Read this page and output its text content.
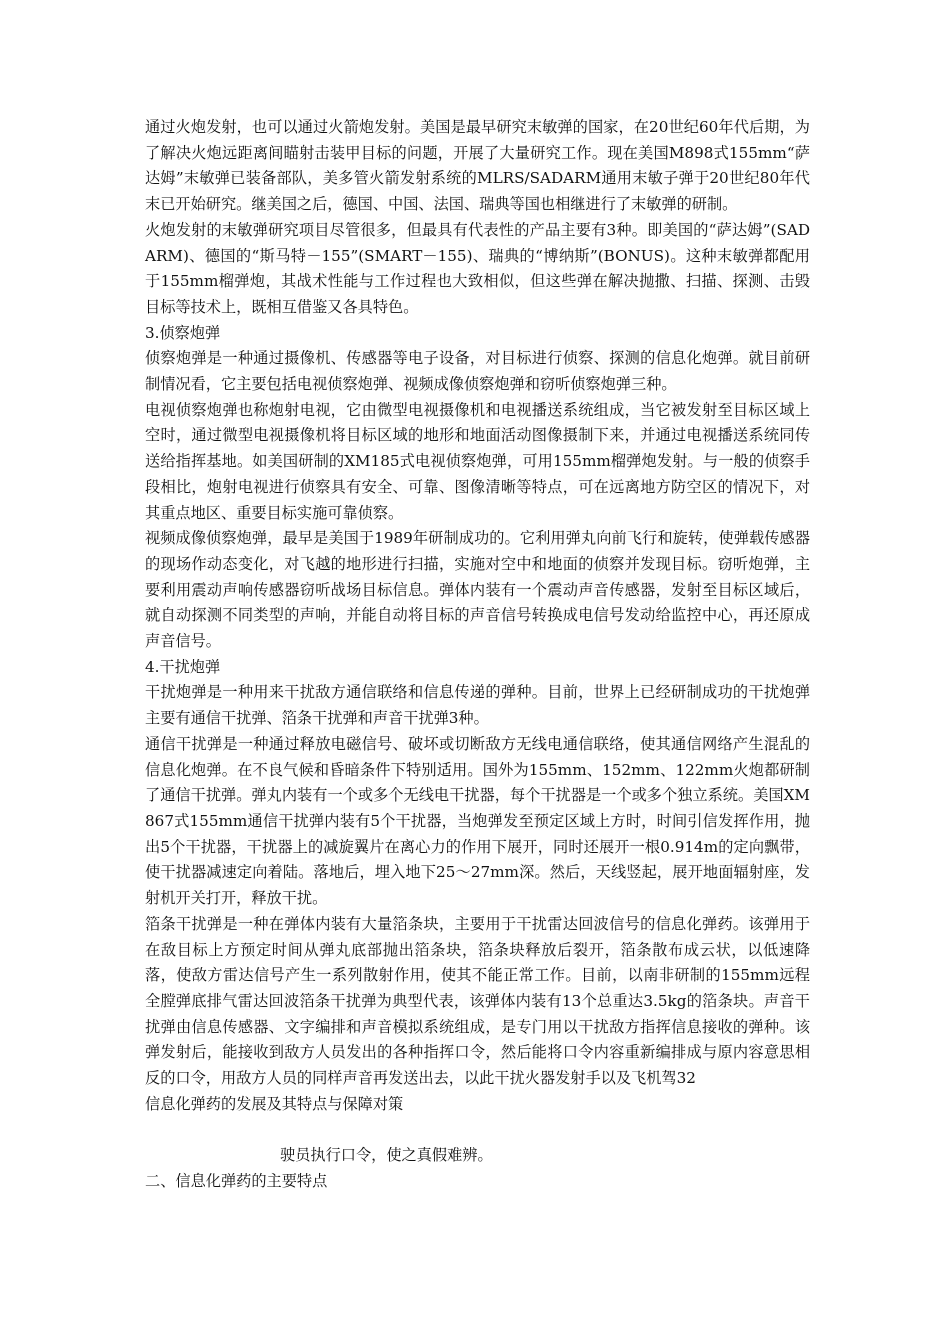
通过火炮发射，也可以通过火箭炮发射。美国是最早研究末敏弹的国家，在20世纪60年代后期，为了解决火炮远距离间瞄射击装甲目标的问题，开展了大量研究工作。现在美国M898式155mm“萨达姆”末敏弹已装备部队，美多管火箭发射系统的MLRS/SADARM通用末敏子弹于20世纪80年代末已开始研究。继美国之后，德国、中国、法国、瑞典等国也相继进行了末敏弹的研制。

火炮发射的末敏弹研究项目尽管很多，但最具有代表性的产品主要有3种。即美国的“萨达姆”(SADARM)、德国的“斯马特－155”(SMART－155)、瑞典的“博纳斯”(BONUS)。这种末敏弹都配用于155mm榴弹炮，其战术性能与工作过程也大致相似，但这些弹在解决抛撒、扫描、探测、击毁目标等技术上，既相互借鉴又各具特色。

3.侦察炮弹

侦察炮弹是一种通过摄像机、传感器等电子设备，对目标进行侦察、探测的信息化炮弹。就目前研制情况看，它主要包括电视侦察炮弹、视频成像侦察炮弹和窃听侦察炮弹三种。

电视侦察炮弹也称炮射电视，它由微型电视摄像机和电视播送系统组成，当它被发射至目标区域上空时，通过微型电视摄像机将目标区域的地形和地面活动图像摄制下来，并通过电视播送系统同传送给指挥基地。如美国研制的XM185式电视侦察炮弹，可用155mm榴弹炮发射。与一般的侦察手段相比，炮射电视进行侦察具有安全、可靠、图像清晰等特点，可在远离地方防空区的情况下，对其重点地区、重要目标实施可靠侦察。

视频成像侦察炮弹，最早是美国于1989年研制成功的。它利用弹丸向前飞行和旋转，使弹载传感器的现场作动态变化，对飞越的地形进行扫描，实施对空中和地面的侦察并发现目标。窃听炮弹，主要利用震动声响传感器窃听战场目标信息。弹体内装有一个震动声音传感器，发射至目标区域后，就自动探测不同类型的声响，并能自动将目标的声音信号转换成电信号发动给监控中心，再还原成声音信号。

4.干扰炮弹

干扰炮弹是一种用来干扰敌方通信联络和信息传递的弹种。目前，世界上已经研制成功的干扰炮弹主要有通信干扰弹、箔条干扰弹和声音干扰弹3种。

通信干扰弹是一种通过释放电磁信号、破坏或切断敌方无线电通信联络，使其通信网络产生混乱的信息化炮弹。在不良气候和昏暗条件下特别适用。国外为155mm、152mm、122mm火炮都研制了通信干扰弹。弹丸内装有一个或多个无线电干扰器，每个干扰器是一个或多个独立系统。美国XM867式155mm通信干扰弹内装有5个干扰器，当炮弹发至预定区域上方时，时间引信发挥作用，抛出5个干扰器，干扰器上的减旋翼片在离心力的作用下展开，同时还展开一根0.914m的定向飘带，使干扰器减速定向着陆。落地后，埋入地下25～27mm深。然后，天线竖起，展开地面辐射座，发射机开关打开，释放干扰。

箔条干扰弹是一种在弹体内装有大量箔条块，主要用于干扰雷达回波信号的信息化弹药。该弹用于在敌目标上方预定时间从弹丸底部抛出箔条块，箔条块释放后裂开，箔条散布成云状，以低速降落，使敌方雷达信号产生一系列散射作用，使其不能正常工作。目前，以南非研制的155mm远程全膛弹底排气雷达回波箔条干扰弹为典型代表，该弹体内装有13个总重达3.5kg的箔条块。声音干扰弹由信息传感器、文字编排和声音模拟系统组成，是专门用以干扰敌方指挥信息接收的弹种。该弹发射后，能接收到敌方人员发出的各种指挥口令，然后能将口令内容重新编排成与原内容意思相反的口令，用敌方人员的同样声音再发送出去，以此干扰火器发射手以及飞机驾32

信息化弹药的发展及其特点与保障对策

驶员执行口令，使之真假难辨。

二、信息化弹药的主要特点
